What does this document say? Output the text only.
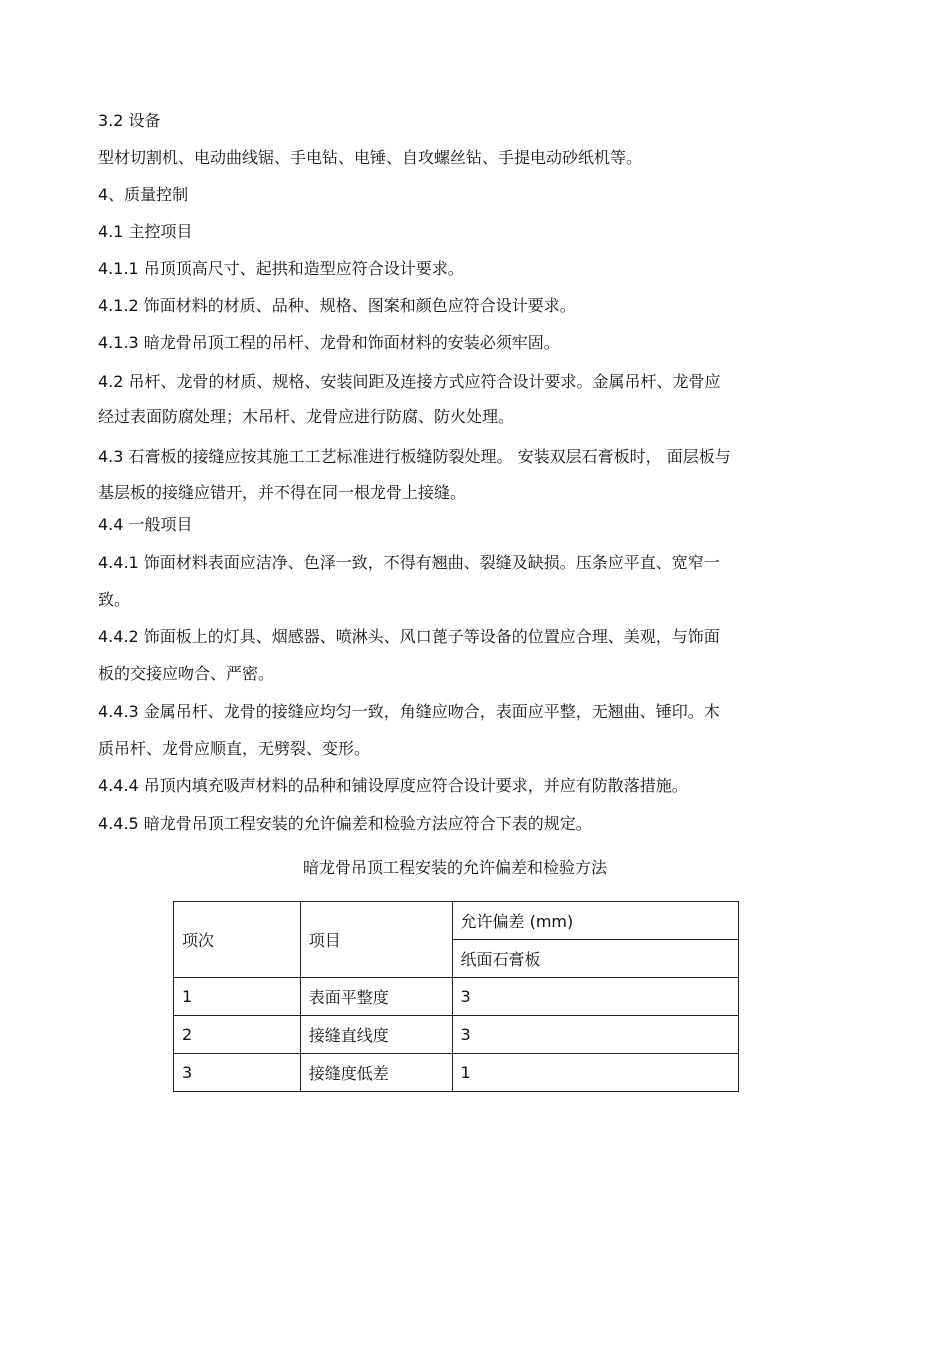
3.2 设备
型材切割机、电动曲线锯、手电钻、电锤、自攻螺丝钻、手提电动砂纸机等。
4、质量控制
4.1 主控项目
4.1.1 吊顶顶高尺寸、起拱和造型应符合设计要求。
4.1.2 饰面材料的材质、品种、规格、图案和颜色应符合设计要求。
4.1.3 暗龙骨吊顶工程的吊杆、龙骨和饰面材料的安装必须牢固。
4.2 吊杆、龙骨的材质、规格、安装间距及连接方式应符合设计要求。金属吊杆、龙骨应
经过表面防腐处理；木吊杆、龙骨应进行防腐、防火处理。
4.3 石膏板的接缝应按其施工工艺标准进行板缝防裂处理。 安装双层石膏板时， 面层板与
基层板的接缝应错开，并不得在同一根龙骨上接缝。
4.4 一般项目
4.4.1 饰面材料表面应洁净、色泽一致，不得有翘曲、裂缝及缺损。压条应平直、宽窄一
致。
4.4.2 饰面板上的灯具、烟感器、喷淋头、风口蓖子等设备的位置应合理、美观，与饰面
板的交接应吻合、严密。
4.4.3 金属吊杆、龙骨的接缝应均匀一致，角缝应吻合，表面应平整，无翘曲、锤印。木
质吊杆、龙骨应顺直，无劈裂、变形。
4.4.4 吊顶内填充吸声材料的品种和铺设厚度应符合设计要求，并应有防散落措施。
4.4.5 暗龙骨吊顶工程安装的允许偏差和检验方法应符合下表的规定。
暗龙骨吊顶工程安装的允许偏差和检验方法
项次	项目	允许偏差 (mm)
		纸面石膏板
1	表面平整度	3
2	接缝直线度	3
3	接缝度低差	1
